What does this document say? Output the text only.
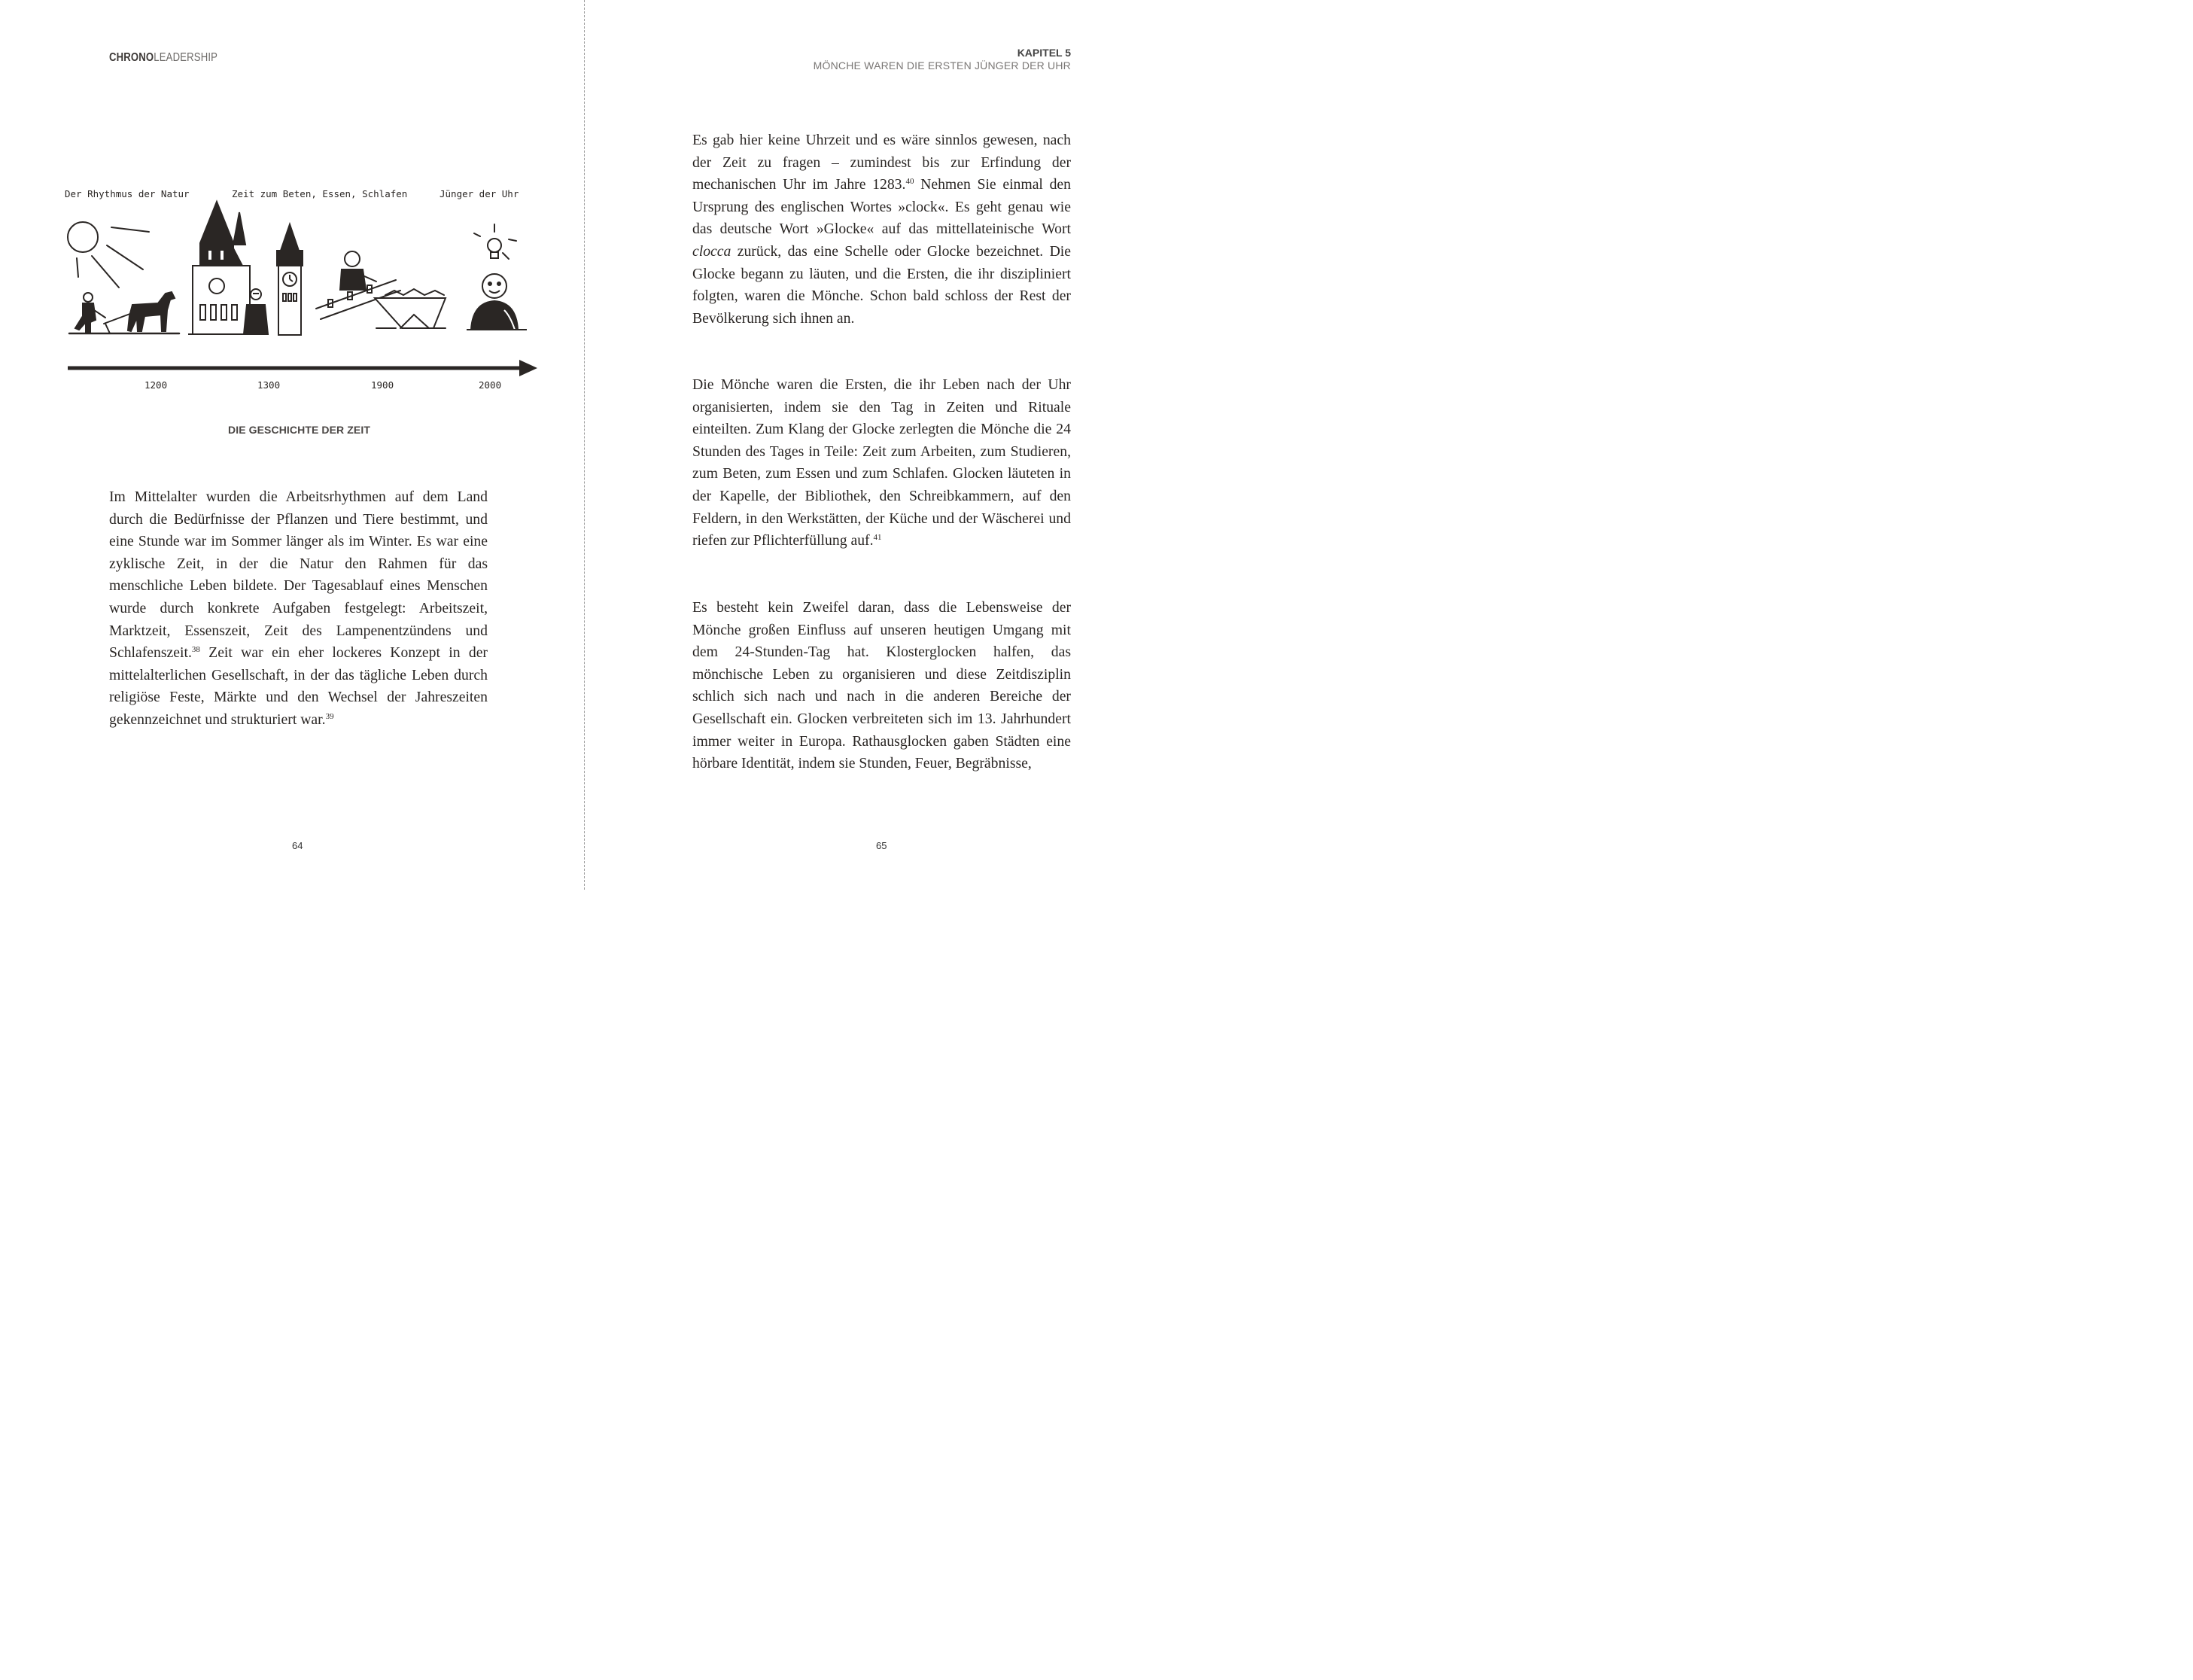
CHRONOLEADERSHIP
Der Rhythmus der Natur	Zeit zum Beten, Essen, Schlafen	Jünger der Uhr
1200	1300	1900	2000
DIE GESCHICHTE DER ZEIT
Im Mittelalter wurden die Arbeitsrhythmen auf dem Land durch die Bedürfnisse der Pflanzen und Tiere bestimmt, und eine Stunde war im Sommer länger als im Winter. Es war eine zyklische Zeit, in der die Natur den Rahmen für das menschliche Leben bildete. Der Tagesablauf eines Menschen wurde durch konkrete Aufgaben festgelegt: Arbeitszeit, Marktzeit, Essenszeit, Zeit des Lampenentzündens und Schlafenszeit.$^{38}$ Zeit war ein eher lockeres Konzept in der mittelalterlichen Gesellschaft, in der das tägliche Leben durch religiöse Feste, Märkte und den Wechsel der Jahreszeiten gekennzeichnet und strukturiert war.$^{39}$
64
KAPITEL 5
MÖNCHE WAREN DIE ERSTEN JÜNGER DER UHR
Es gab hier keine Uhrzeit und es wäre sinnlos gewesen, nach der Zeit zu fragen – zumindest bis zur Erfindung der mechanischen Uhr im Jahre 1283.40 Nehmen Sie einmal den Ursprung des englischen Wortes »clock«. Es geht genau wie das deutsche Wort »Glocke« auf das mittellateinische Wort clocca zurück, das eine Schelle oder Glocke bezeichnet. Die Glocke begann zu läuten, und die Ersten, die ihr diszipliniert folgten, waren die Mönche. Schon bald schloss der Rest der Bevölkerung sich ihnen an.
Die Mönche waren die Ersten, die ihr Leben nach der Uhr organisierten, indem sie den Tag in Zeiten und Rituale einteilten. Zum Klang der Glocke zerlegten die Mönche die 24 Stunden des Tages in Teile: Zeit zum Arbeiten, zum Studieren, zum Beten, zum Essen und zum Schlafen. Glocken läuteten in der Kapelle, der Bibliothek, den Schreibkammern, auf den Feldern, in den Werkstätten, der Küche und der Wäscherei und riefen zur Pflichterfüllung auf.$^{41}$
Es besteht kein Zweifel daran, dass die Lebensweise der Mönche großen Einfluss auf unseren heutigen Umgang mit dem 24-Stunden-Tag hat. Klosterglocken halfen, das mönchische Leben zu organisieren und diese Zeitdisziplin schlich sich nach und nach in die anderen Bereiche der Gesellschaft ein. Glocken verbreiteten sich im 13. Jahrhundert immer weiter in Europa. Rathausglocken gaben Städten eine hörbare Identität, indem sie Stunden, Feuer, Begräbnisse,
65
